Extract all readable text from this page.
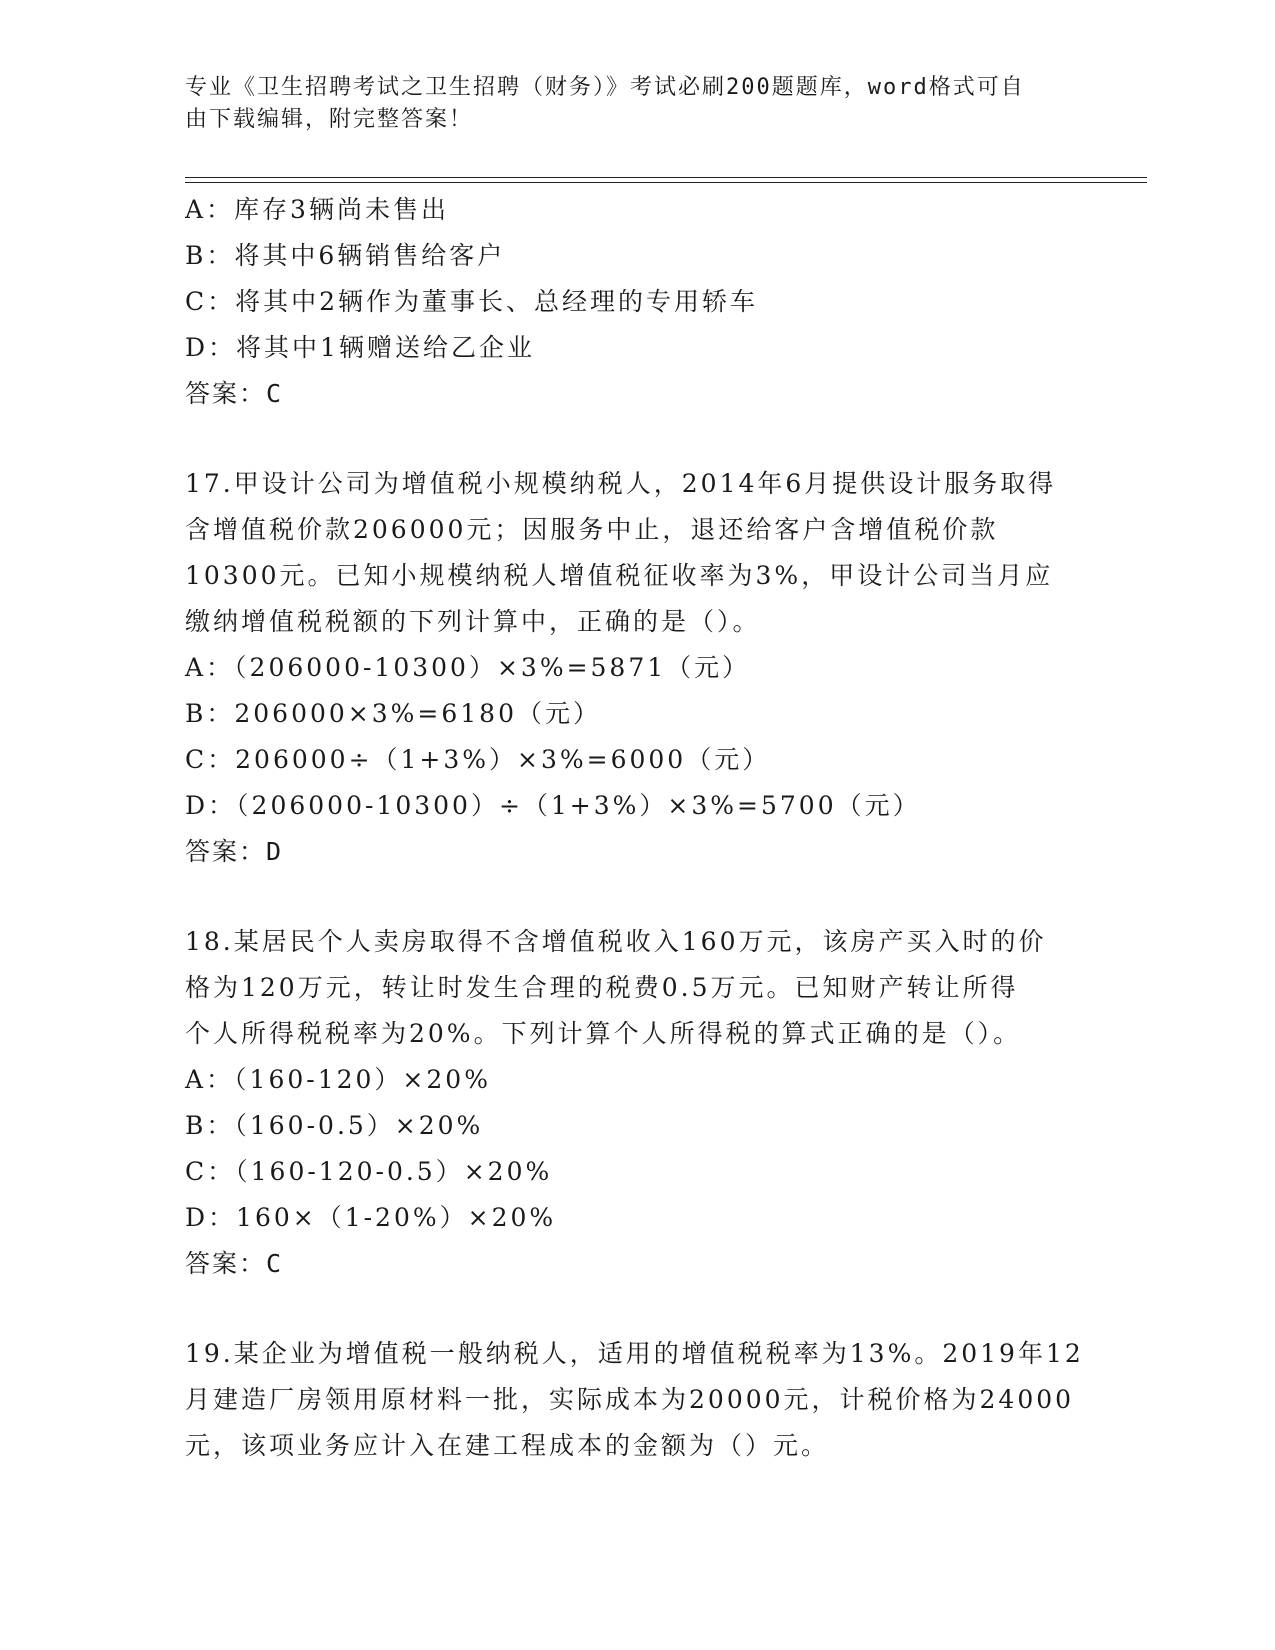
专业《卫生招聘考试之卫生招聘（财务）》考试必刷200题题库，word格式可自
由下载编辑，附完整答案！
A：库存3辆尚未售出
B：将其中6辆销售给客户
C：将其中2辆作为董事长、总经理的专用轿车
D：将其中1辆赠送给乙企业
答案：C
17.甲设计公司为增值税小规模纳税人，2014年6月提供设计服务取得
含增值税价款206000元；因服务中止，退还给客户含增值税价款
10300元。已知小规模纳税人增值税征收率为3%，甲设计公司当月应
缴纳增值税税额的下列计算中，正确的是（）。
A：（206000-10300）×3%=5871（元）
B：206000×3%=6180（元）
C：206000÷（1+3%）×3%=6000（元）
D：（206000-10300）÷（1+3%）×3%=5700（元）
答案：D
18.某居民个人卖房取得不含增值税收入160万元，该房产买入时的价
格为120万元，转让时发生合理的税费0.5万元。已知财产转让所得
个人所得税税率为20%。下列计算个人所得税的算式正确的是（）。
A：（160-120）×20%
B：（160-0.5）×20%
C：（160-120-0.5）×20%
D：160×（1-20%）×20%
答案：C
19.某企业为增值税一般纳税人，适用的增值税税率为13%。2019年12
月建造厂房领用原材料一批，实际成本为20000元，计税价格为24000
元，该项业务应计入在建工程成本的金额为（）元。
